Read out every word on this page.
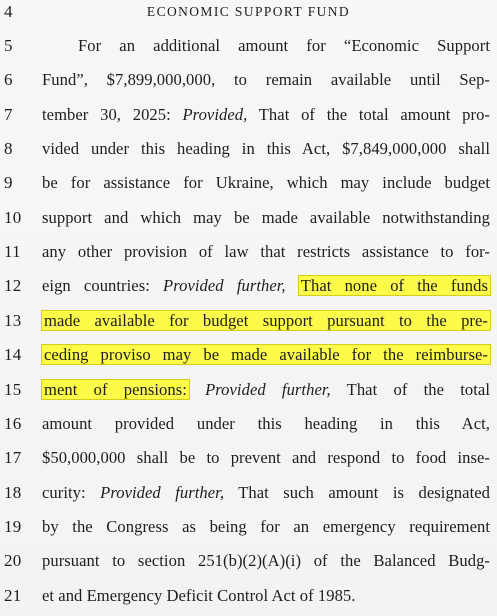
4	ECONOMIC SUPPORT FUND
5	For an additional amount for “Economic Support
6	Fund”, $7,899,000,000, to remain available until Sep-
7	tember 30, 2025: Provided, That of the total amount pro-
8	vided under this heading in this Act, $7,849,000,000 shall
9	be for assistance for Ukraine, which may include budget
10	support and which may be made available notwithstanding
11	any other provision of law that restricts assistance to for-
12	eign countries: Provided further, That none of the funds
13	made available for budget support pursuant to the pre-
14	ceding proviso may be made available for the reimburse-
15	ment of pensions: Provided further, That of the total
16	amount provided under this heading in this Act,
17	$50,000,000 shall be to prevent and respond to food inse-
18	curity: Provided further, That such amount is designated
19	by the Congress as being for an emergency requirement
20	pursuant to section 251(b)(2)(A)(i) of the Balanced Budg-
21	et and Emergency Deficit Control Act of 1985.
